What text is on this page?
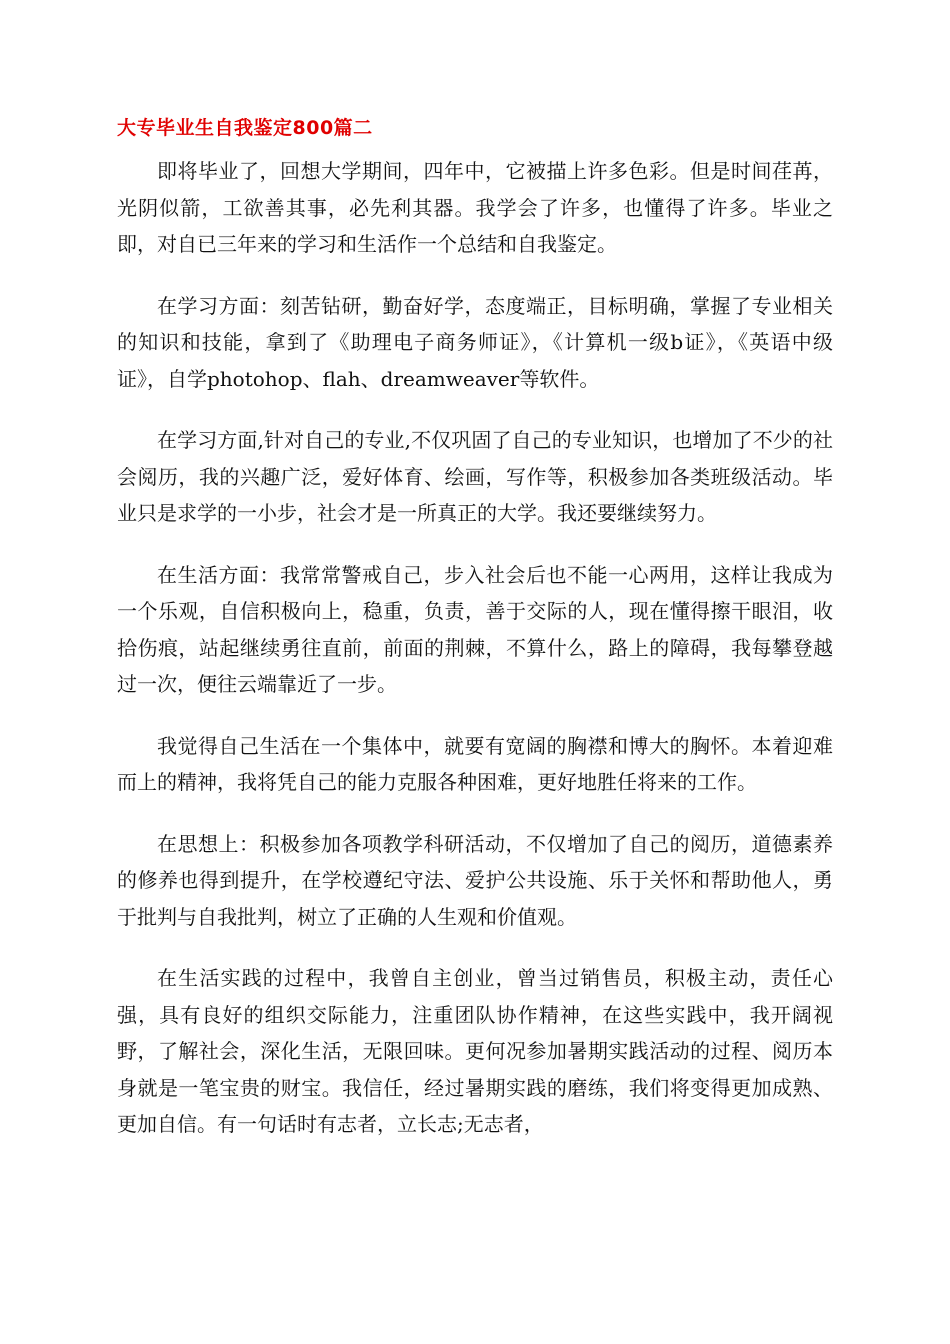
大专毕业生自我鉴定800篇二

即将毕业了，回想大学期间，四年中，它被描上许多色彩。但是时间荏苒，光阴似箭，工欲善其事，必先利其器。我学会了许多，也懂得了许多。毕业之即，对自已三年来的学习和生活作一个总结和自我鉴定。

在学习方面：刻苦钻研，勤奋好学，态度端正，目标明确，掌握了专业相关的知识和技能，拿到了《助理电子商务师证》，《计算机一级b证》，《英语中级证》，自学photohop、flah、dreamweaver等软件。

在学习方面,针对自己的专业,不仅巩固了自己的专业知识，也增加了不少的社会阅历，我的兴趣广泛，爱好体育、绘画，写作等，积极参加各类班级活动。毕业只是求学的一小步，社会才是一所真正的大学。我还要继续努力。

在生活方面：我常常警戒自己，步入社会后也不能一心两用，这样让我成为一个乐观，自信积极向上，稳重，负责，善于交际的人，现在懂得擦干眼泪，收拾伤痕，站起继续勇往直前，前面的荆棘，不算什么，路上的障碍，我每攀登越过一次，便往云端靠近了一步。

我觉得自己生活在一个集体中，就要有宽阔的胸襟和博大的胸怀。本着迎难而上的精神，我将凭自己的能力克服各种困难，更好地胜任将来的工作。

在思想上：积极参加各项教学科研活动，不仅增加了自己的阅历，道德素养的修养也得到提升，在学校遵纪守法、爱护公共设施、乐于关怀和帮助他人，勇于批判与自我批判，树立了正确的人生观和价值观。

在生活实践的过程中，我曾自主创业，曾当过销售员，积极主动，责任心强，具有良好的组织交际能力，注重团队协作精神，在这些实践中，我开阔视野，了解社会，深化生活，无限回味。更何况参加暑期实践活动的过程、阅历本身就是一笔宝贵的财宝。我信任，经过暑期实践的磨练，我们将变得更加成熟、更加自信。有一句话时有志者，立长志;无志者，
